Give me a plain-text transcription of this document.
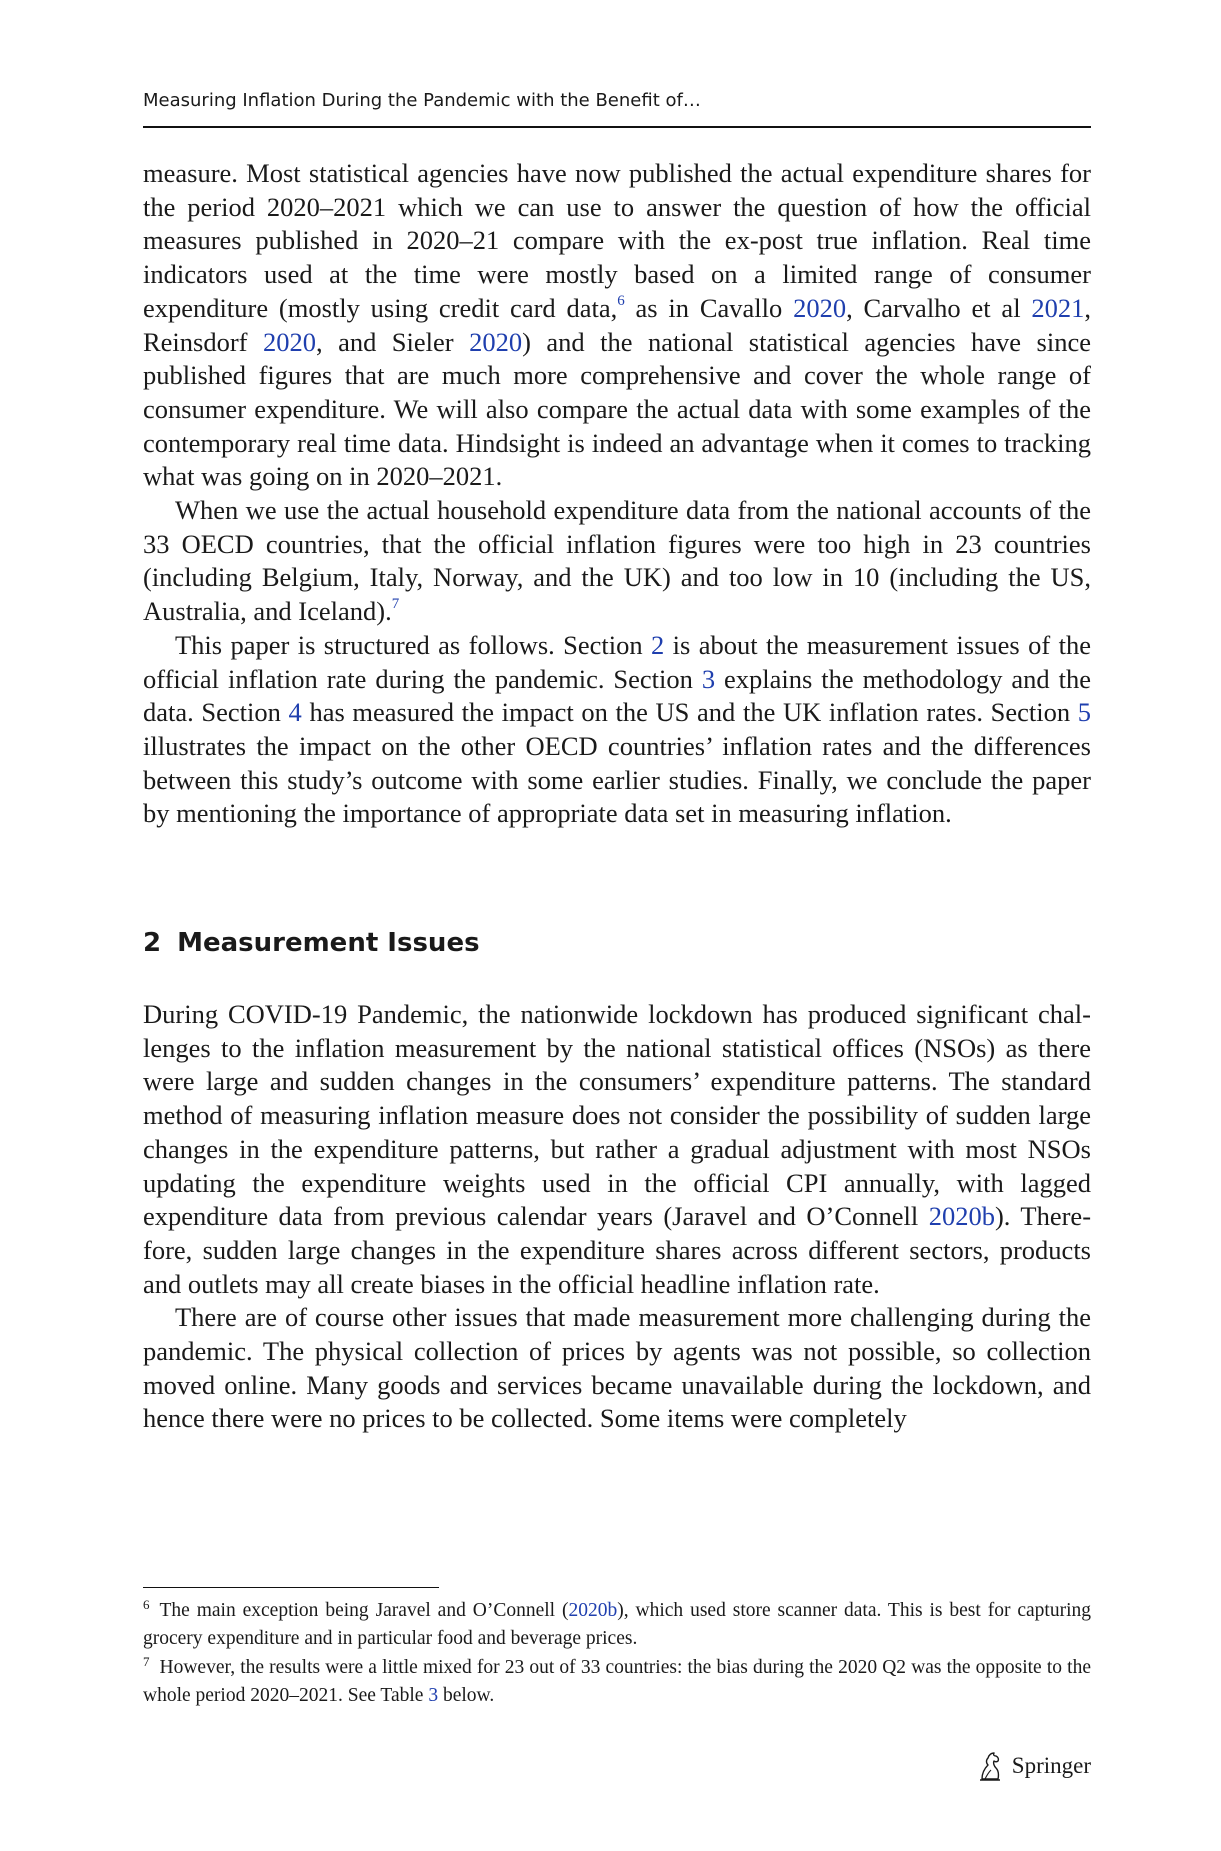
Measuring Inflation During the Pandemic with the Benefit of…

measure. Most statistical agencies have now published the actual expenditure shares for the period 2020–2021 which we can use to answer the question of how the official measures published in 2020–21 compare with the ex-post true inflation. Real time indicators used at the time were mostly based on a limited range of consumer expenditure (mostly using credit card data,$^6$ as in Cavallo 2020, Carvalho et al 2021, Reinsdorf 2020, and Sieler 2020) and the national statistical agencies have since published figures that are much more comprehensive and cover the whole range of consumer expenditure. We will also compare the actual data with some examples of the contemporary real time data. Hindsight is indeed an advantage when it comes to tracking what was going on in 2020–2021.

When we use the actual household expenditure data from the national accounts of the 33 OECD countries, that the official inflation figures were too high in 23 countries (including Belgium, Italy, Norway, and the UK) and too low in 10 (including the US, Australia, and Iceland).$^7$

This paper is structured as follows. Section 2 is about the measurement issues of the official inflation rate during the pandemic. Section 3 explains the methodology and the data. Section 4 has measured the impact on the US and the UK inflation rates. Section 5 illustrates the impact on the other OECD countries’ inflation rates and the differences between this study’s outcome with some earlier studies. Finally, we conclude the paper by mentioning the importance of appropriate data set in measuring inflation.

2 Measurement Issues

During COVID-19 Pandemic, the nationwide lockdown has produced significant challenges to the inflation measurement by the national statistical offices (NSOs) as there were large and sudden changes in the consumers’ expenditure patterns. The standard method of measuring inflation measure does not consider the possibility of sudden large changes in the expenditure patterns, but rather a gradual adjustment with most NSOs updating the expenditure weights used in the official CPI annually, with lagged expenditure data from previous calendar years (Jaravel and O’Connell 2020b). Therefore, sudden large changes in the expenditure shares across different sectors, products and outlets may all create biases in the official headline inflation rate.

There are of course other issues that made measurement more challenging during the pandemic. The physical collection of prices by agents was not possible, so collection moved online. Many goods and services became unavailable during the lockdown, and hence there were no prices to be collected. Some items were completely

$^6$ The main exception being Jaravel and O’Connell (2020b), which used store scanner data. This is best for capturing grocery expenditure and in particular food and beverage prices.

$^7$ However, the results were a little mixed for 23 out of 33 countries: the bias during the 2020 Q2 was the opposite to the whole period 2020–2021. See Table 3 below.

Springer
